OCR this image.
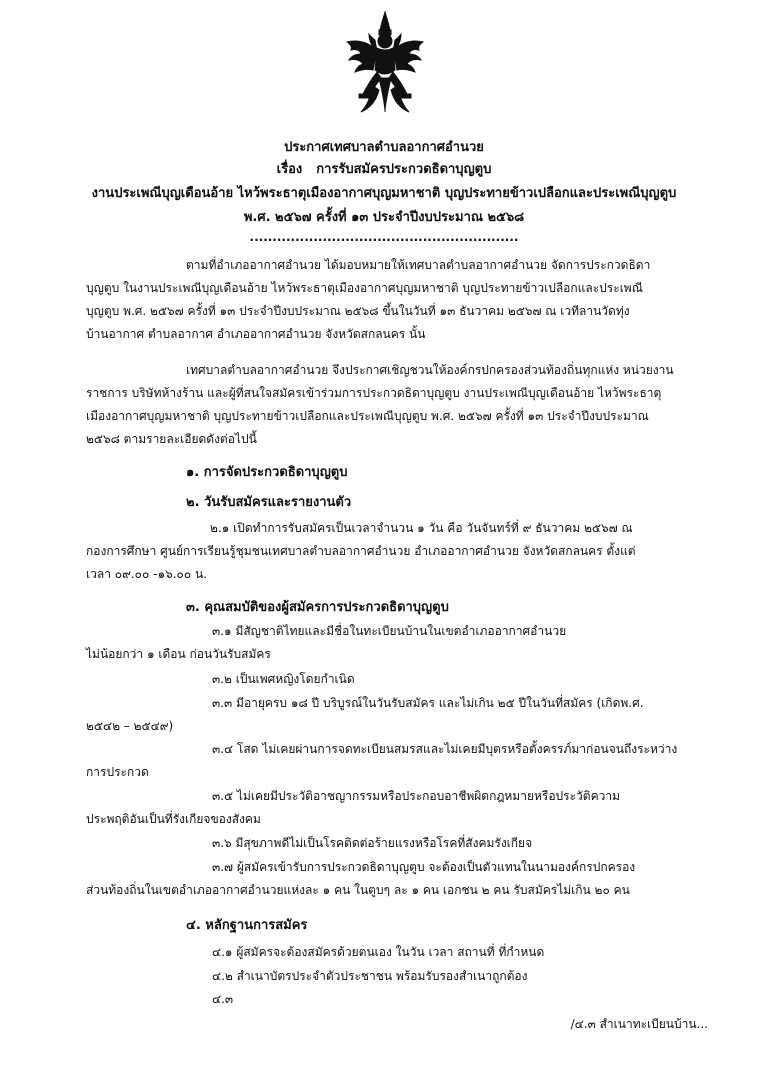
ประกาศเทศบาลตำบลอากาศอำนวย
เรื่อง การรับสมัครประกวดธิดาบุญตูบ
งานประเพณีบุญเดือนอ้าย ไหว้พระธาตุเมืองอากาศบุญมหาชาติ บุญประทายข้าวเปลือกและประเพณีบุญตูบ
พ.ศ. ๒๕๖๗ ครั้งที่ ๑๓ ประจำปีงบประมาณ ๒๕๖๘
...........................................................
ตามที่อำเภออากาศอำนวย ได้มอบหมายให้เทศบาลตำบลอากาศอำนวย จัดการประกวดธิดา
บุญตูบ ในงานประเพณีบุญเดือนอ้าย ไหว้พระธาตุเมืองอากาศบุญมหาชาติ บุญประทายข้าวเปลือกและประเพณี
บุญตูบ พ.ศ. ๒๕๖๗ ครั้งที่ ๑๓ ประจำปีงบประมาณ ๒๕๖๘ ขึ้นในวันที่ ๑๓ ธันวาคม ๒๕๖๗ ณ เวทีลานวัดทุ่ง
บ้านอากาศ ตำบลอากาศ อำเภออากาศอำนวย จังหวัดสกลนคร นั้น
เทศบาลตำบลอากาศอำนวย จึงประกาศเชิญชวนให้องค์กรปกครองส่วนท้องถิ่นทุกแห่ง หน่วยงาน
ราชการ บริษัทห้างร้าน และผู้ที่สนใจสมัครเข้าร่วมการประกวดธิดาบุญตูบ งานประเพณีบุญเดือนอ้าย ไหว้พระธาตุ
เมืองอากาศบุญมหาชาติ บุญประทายข้าวเปลือกและประเพณีบุญตูบ พ.ศ. ๒๕๖๗ ครั้งที่ ๑๓ ประจำปีงบประมาณ
๒๕๖๘ ตามรายละเอียดดังต่อไปนี้
๑. การจัดประกวดธิดาบุญตูบ
๒. วันรับสมัครและรายงานตัว
๒.๑ เปิดทำการรับสมัครเป็นเวลาจำนวน ๑ วัน คือ วันจันทร์ที่ ๙ ธันวาคม ๒๕๖๗ ณ
กองการศึกษา ศูนย์การเรียนรู้ชุมชนเทศบาลตำบลอากาศอำนวย อำเภออากาศอำนวย จังหวัดสกลนคร ตั้งแต่
เวลา ๐๙.๐๐ -๑๖.๐๐ น.
๓. คุณสมบัติของผู้สมัครการประกวดธิดาบุญตูบ
๓.๑ มีสัญชาติไทยและมีชื่อในทะเบียนบ้านในเขตอำเภออากาศอำนวย
ไม่น้อยกว่า ๑ เดือน ก่อนวันรับสมัคร
๓.๒ เป็นเพศหญิงโดยกำเนิด
๓.๓ มีอายุครบ ๑๘ ปี บริบูรณ์ในวันรับสมัคร และไม่เกิน ๒๕ ปีในวันที่สมัคร (เกิดพ.ศ.
๒๕๔๒ – ๒๕๔๙)
๓.๔ โสด ไม่เคยผ่านการจดทะเบียนสมรสและไม่เคยมีบุตรหรือตั้งครรภ์มาก่อนจนถึงระหว่าง
การประกวด
๓.๕ ไม่เคยมีประวัติอาชญากรรมหรือประกอบอาชีพผิดกฎหมายหรือประวัติความ
ประพฤติอันเป็นที่รังเกียจของสังคม
๓.๖ มีสุขภาพดีไม่เป็นโรคติดต่อร้ายแรงหรือโรคที่สังคมรังเกียจ
๓.๗ ผู้สมัครเข้ารับการประกวดธิดาบุญตูบ จะต้องเป็นตัวแทนในนามองค์กรปกครอง
ส่วนท้องถิ่นในเขตอำเภออากาศอำนวยแห่งละ ๑ คน ในตูบๆ ละ ๑ คน เอกชน ๒ คน รับสมัครไม่เกิน ๒๐ คน
๔. หลักฐานการสมัคร
๔.๑ ผู้สมัครจะต้องสมัครด้วยตนเอง ในวัน เวลา สถานที่ ที่กำหนด
๔.๒ สำเนาบัตรประจำตัวประชาชน พร้อมรับรองสำเนาถูกต้อง
๔.๓
/๔.๓ สำเนาทะเบียนบ้าน...
